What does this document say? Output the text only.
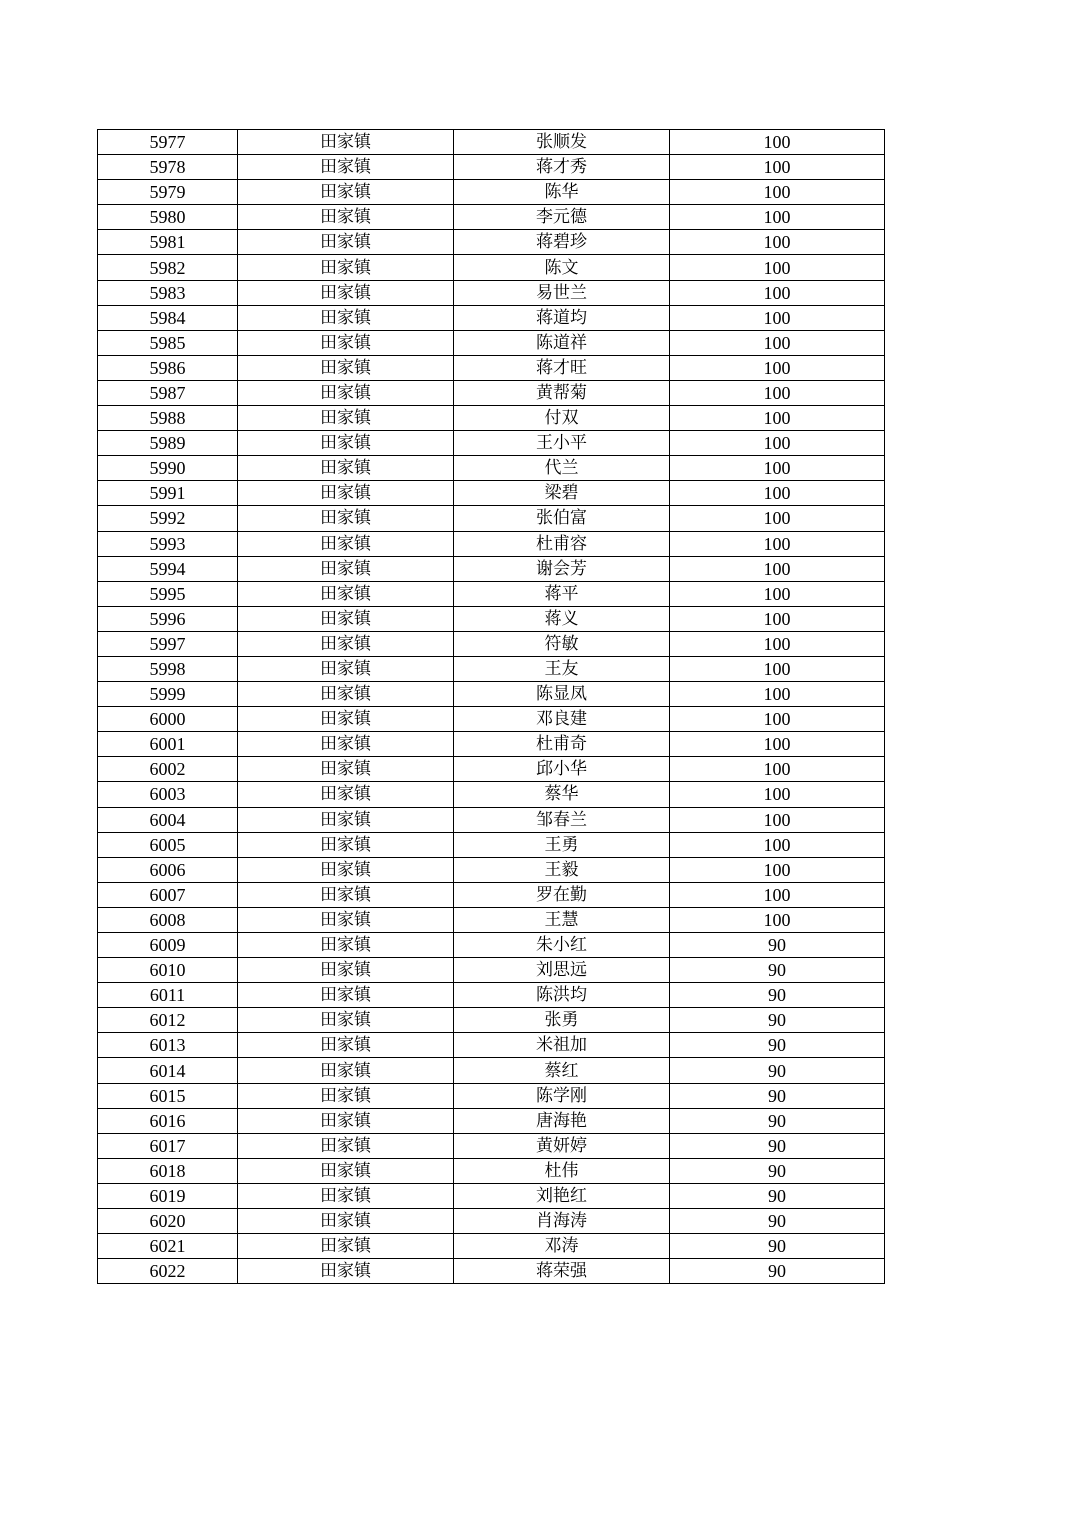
5977	田家镇	张顺发	100
5978	田家镇	蒋才秀	100
5979	田家镇	陈华	100
5980	田家镇	李元德	100
5981	田家镇	蒋碧珍	100
5982	田家镇	陈文	100
5983	田家镇	易世兰	100
5984	田家镇	蒋道均	100
5985	田家镇	陈道祥	100
5986	田家镇	蒋才旺	100
5987	田家镇	黄帮菊	100
5988	田家镇	付双	100
5989	田家镇	王小平	100
5990	田家镇	代兰	100
5991	田家镇	梁碧	100
5992	田家镇	张伯富	100
5993	田家镇	杜甫容	100
5994	田家镇	谢会芳	100
5995	田家镇	蒋平	100
5996	田家镇	蒋义	100
5997	田家镇	符敏	100
5998	田家镇	王友	100
5999	田家镇	陈显凤	100
6000	田家镇	邓良建	100
6001	田家镇	杜甫奇	100
6002	田家镇	邱小华	100
6003	田家镇	蔡华	100
6004	田家镇	邹春兰	100
6005	田家镇	王勇	100
6006	田家镇	王毅	100
6007	田家镇	罗在勤	100
6008	田家镇	王慧	100
6009	田家镇	朱小红	90
6010	田家镇	刘思远	90
6011	田家镇	陈洪均	90
6012	田家镇	张勇	90
6013	田家镇	米祖加	90
6014	田家镇	蔡红	90
6015	田家镇	陈学刚	90
6016	田家镇	唐海艳	90
6017	田家镇	黄妍婷	90
6018	田家镇	杜伟	90
6019	田家镇	刘艳红	90
6020	田家镇	肖海涛	90
6021	田家镇	邓涛	90
6022	田家镇	蒋荣强	90
